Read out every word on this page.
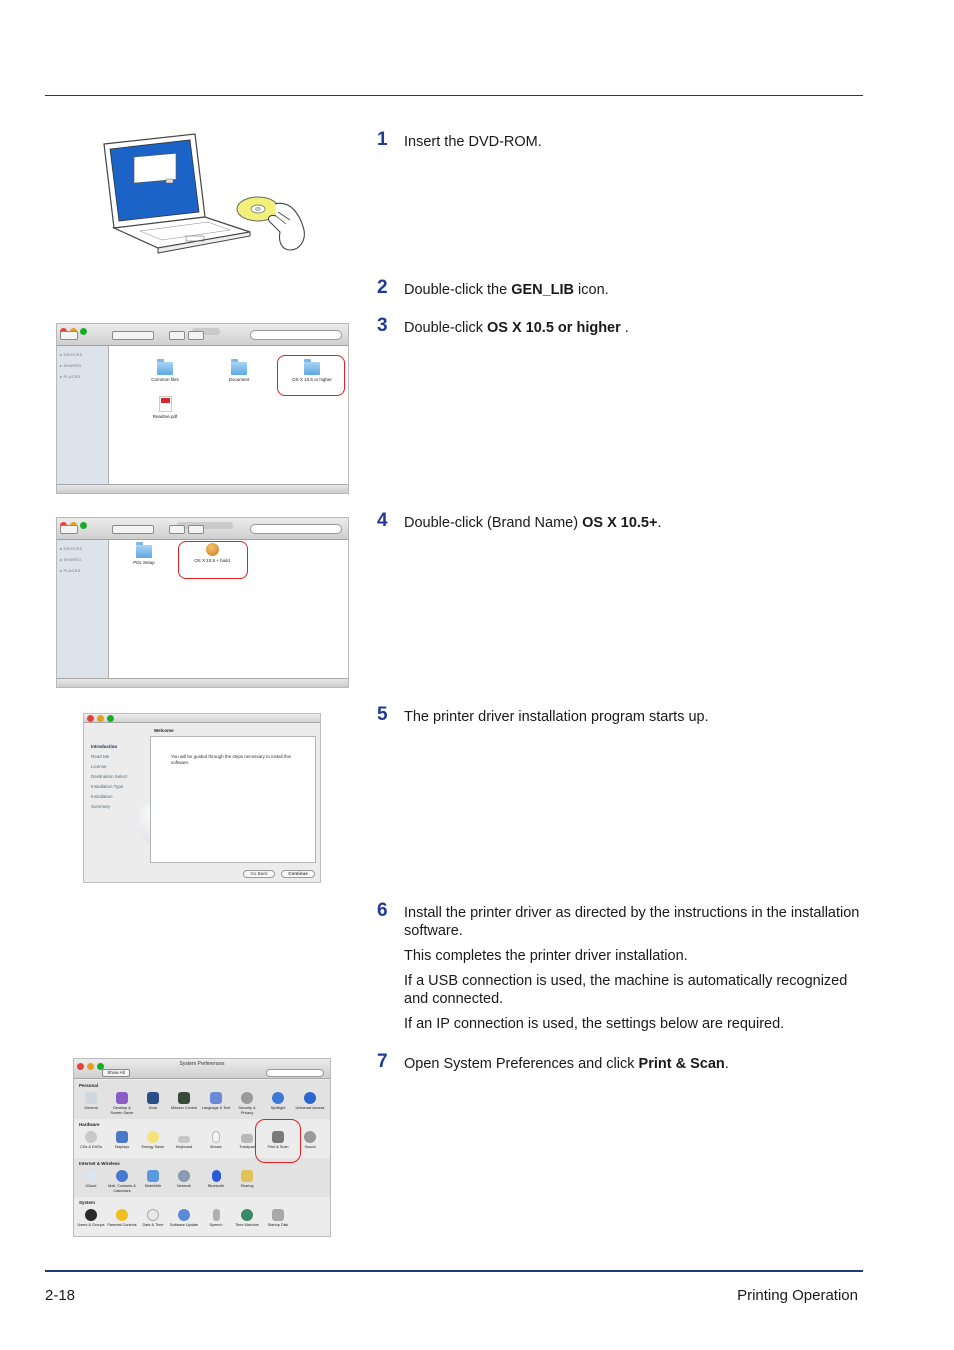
1 Insert the DVD-ROM.
2 Double-click the GEN_LIB icon.
3 Double-click OS X 10.5 or higher .
4 Double-click (Brand Name) OS X 10.5+.
5 The printer driver installation program starts up.
6 Install the printer driver as directed by the instructions in the installation software.
This completes the printer driver installation.
If a USB connection is used, the machine is automatically recognized and connected.
If an IP connection is used, the settings below are required.
7 Open System Preferences and click Print & Scan.
▸ DEVICES
▸ SHARED
▸ PLACES
Common files	Document	OS X 10.5 or higher
Readme.pdf
▸ DEVICES
▸ SHARED
▸ PLACES
PDL Setup	OS X 10.5 + build
Welcome
Introduction
Read Me
License
Destination Select
Installation Type
Installation
Summary

You will be guided through the steps necessary to install this software.

Go Back	Continue
System Preferences
Show All
Personal
General	Desktop & Screen Saver
Dock	Mission Control	Language & Text	Security & Privacy
Spotlight	Universal Access
Hardware
CDs & DVDs	Displays	Energy Saver	Keyboard	Mouse	Trackpad	Print & Scan	Sound
Internet & Wireless
iCloud	Mail, Contacts & Calendars
MobileMe	Network	Bluetooth	Sharing
System
Users & Groups Parental Controls	Date & Time	Software Update	Speech	Time Machine	Startup Disk
2-18	Printing Operation
